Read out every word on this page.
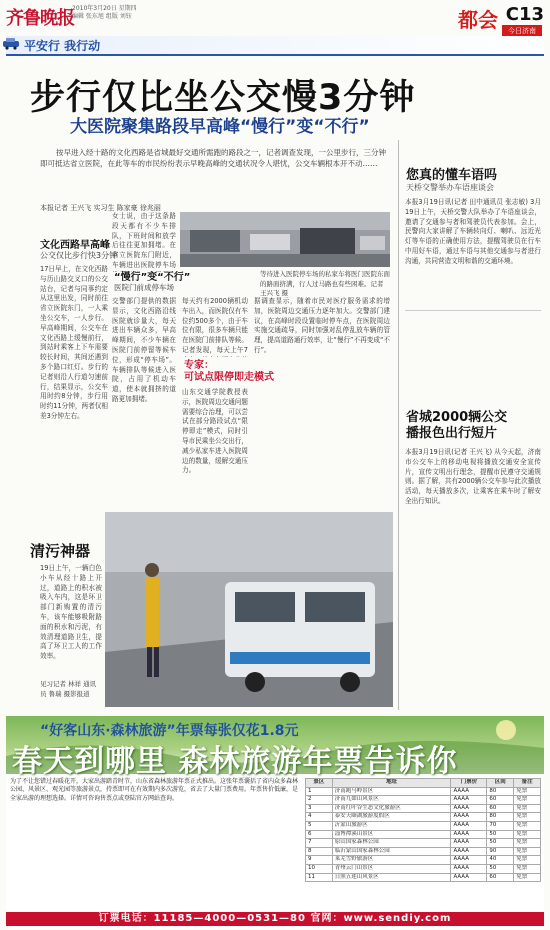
齐鲁晚报
2010年3月20日 星期四
编辑 张东旭 组版 刘钰	都会 C13
今日济南
平安行 我行动
步行仅比坐公交慢3分钟
大医院聚集路段早高峰“慢行”变“不行”
按早进入经十路的文化西路是省城最好交通所需跑的路段之一，记者调查发现，一公里步行，三分钟即可抵达省立医院，在此等车的市民纷纷表示早晚高峰的交通状况令人堪忧，公交车辆根本开不动……
本报记者 王兴飞 实习生 陈家豪 徐兆丽
等待进入医院停车场的私家车将医门医院东面的路面挤满，行人过马路也有些困难。记者 王兴飞 摄
文化西路早高峰
公交仅比步行快3分钟
17日早上，在文化西路与历山路交叉口的公交站台，记者与同事约定从这里出发，同时前往省立医院东门，一人乘坐公交车，一人步行。早高峰期间，公交车在文化西路上缓慢前行，到站时乘客上下车需要较长时间，其间还遇到多个路口红灯。步行的记者则沿人行道匀速前行，结果显示，公交车用时约8分钟，步行用时约11分钟，两者仅相差3分钟左右。
女士说，由于这条路段天都有不少车排队，下班时间和放学后往往更加拥堵。在省立医院东门附近，车辆进出医院停车场
“慢行”变“不行”
医院门前成停车场
交警部门提供的数据显示，文化西路沿线医院就诊量大，每天进出车辆众多，早高峰期间，不少车辆在医院门前停留等候车位，形成“停车场”。车辆排队等候进入医院，占用了机动车道，使本就拥挤的道路更加拥堵。
每天约有2000辆机动车出入，而医院仅有车位约500多个，由于车位有限，很多车辆只能在医院门前排队等候。记者发现，每天上午7
专家：
可试点限停即走模式
山东交通学院教授表示，医院周边交通问题需要综合治理，可以尝试在部分路段试点“限停即走”模式，同时引导市民乘坐公交出行，减少私家车进入医院周边的数量，缓解交通压力。
据调查显示，随着市民对医疗服务需求的增加，医院周边交通压力逐年加大。交警部门建议，在高峰时段设置临时停车点，在医院周边实施交通疏导，同时加强对乱停乱放车辆的管理，提高道路通行效率，让“慢行”不再变成“不行”。
清污神器
19日上午，一辆白色小车从经十路上开过，道路上的积水被吸入车内，这是环卫部门新购置的清污车，该车能够吸附路面的积水和污泥，有效清理道路卫生，提高了环卫工人的工作效率。
见习记者 林祥 通讯员 鲁瑞 摄影报道
您真的懂车语吗
天桥交警举办车语座谈会
本报3月19日讯(记者 田中通讯员 张志敏) 3月19日上午，天桥交警大队举办了车语座谈会，邀请了交通参与者和驾驶员代表参加。会上，民警向大家讲解了车辆转向灯、喇叭、远近光灯等车语的正确使用方法，提醒驾驶员在行车中用好车语，通过车语与其他交通参与者进行沟通，共同营造文明和谐的交通环境。
省城2000辆公交
播报色出行短片
本报3月19日讯(记者 王兴飞) 从今天起，济南市公交车上的移动电视将播放交通安全宣传片，宣传文明出行理念，提醒市民遵守交通规则。据了解，共有2000辆公交车参与此次播放活动，每天播放多次，让乘客在乘车时了解安全出行知识。
“好客山东·森林旅游”年票每张仅花1.8元
春天到哪里 森林旅游年票告诉你
为了不让您错过春暖花开，大家出游踏青时节，山东省森林旅游年票正式推出。这张年票囊括了省内众多森林公园、风景区、观光园等旅游景点，持票即可在有效期内多次游览，省去了大量门票费用。年票售价低廉，是全家出游的理想选择。详情可咨询售票点或登陆官方网站查询。
景区	地址	门票价	区间	备注
1	济南跑马岭景区	AAAA	80	免票
2	济南九如山风景区	AAAA	60	免票
3	济南红叶谷生态文化旅游区	AAAA	60	免票
4	泰安天颐湖旅游度假区	AAAA	80	免票
5	沂蒙山旅游区	AAAA	70	免票
6	淄博潭溪山景区	AAAA	50	免票
7	原山国家森林公园	AAAA	50	免票
8	临沂蒙山国家森林公园	AAAA	90	免票
9	莱芜雪野旅游区	AAAA	40	免票
10	青州云门山景区	AAAA	50	免票
11	日照五莲山风景区	AAAA	60	免票
订票电话：11185—4000—0531—80 官网：www.sendiy.com
